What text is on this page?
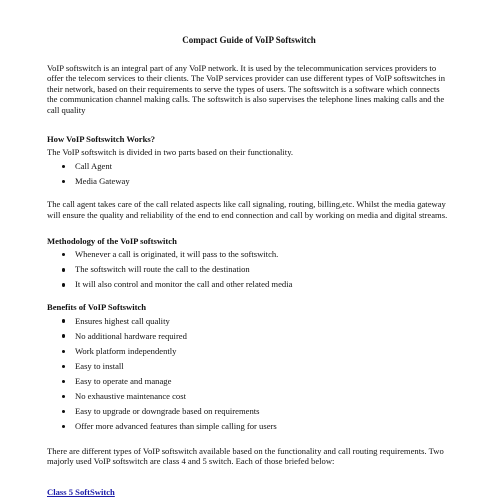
Compact Guide of VoIP Softswitch

VoIP softswitch is an integral part of any VoIP network. It is used by the telecommunication services providers to offer the telecom services to their clients. The VoIP services provider can use different types of VoIP softswitches in their network, based on their requirements to serve the types of users. The softswitch is a software which connects the communication channel making calls. The softswitch is also supervises the telephone lines making calls and the call quality

How VoIP Softswitch Works?

The VoIP softswitch is divided in two parts based on their functionality.

Call Agent
Media Gateway

The call agent takes care of the call related aspects like call signaling, routing, billing,etc. Whilst the media gateway will ensure the quality and reliability of the end to end connection and call by working on media and digital streams.

Methodology of the VoIP softswitch
Whenever a call is originated, it will pass to the softswitch.
The softswitch will route the call to the destination
It will also control and monitor the call and other related media
Benefits of VoIP Softswitch
Ensures highest call quality
No additional hardware required
Work platform independently
Easy to install
Easy to operate and manage
No exhaustive maintenance cost
Easy to upgrade or downgrade based on requirements
Offer more advanced features than simple calling for users

There are different types of VoIP softswitch available based on the functionality and call routing requirements. Two majorly used VoIP softswitch are class 4 and 5 switch. Each of those briefed below:

Class 5 SoftSwitch
